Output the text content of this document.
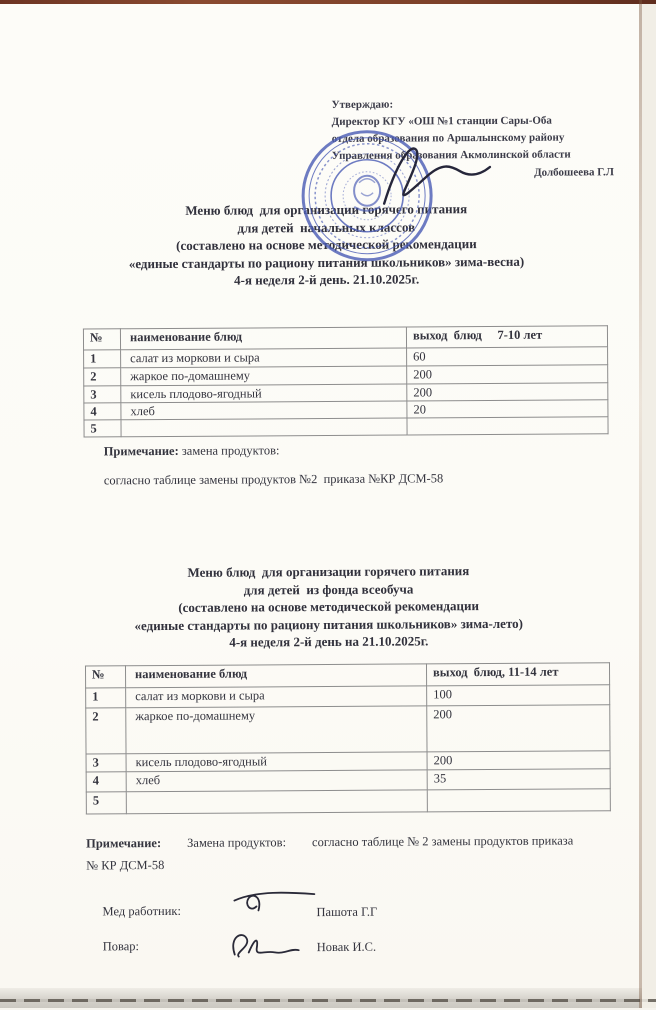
Утверждаю:
Директор КГУ «ОШ №1 станции Сары-Оба
отдела образования по Аршалынскому району
Управления образования Акмолинской области
Долбошеева Г.Л
Меню блюд  для организации горячего питания
для детей  начальных классов
(составлено на основе методической рекомендации
«единые стандарты по рациону питания школьников» зима-весна)
4-я неделя 2-й день. 21.10.2025г.
№	наименование блюд	выход  блюд     7-10 лет
1	салат из моркови и сыра	60
2	жаркое по-домашнему	200
3	кисель плодово-ягодный	200
4	хлеб	20
5		
Примечание: замена продуктов:
согласно таблице замены продуктов №2  приказа №КР ДСМ-58
Меню блюд  для организации горячего питания
для детей  из фонда всеобуча
(составлено на основе методической рекомендации
«единые стандарты по рациону питания школьников» зима-лето)
4-я неделя 2-й день на 21.10.2025г.
№	наименование блюд	выход  блюд, 11-14 лет
1	салат из моркови и сыра	100
2	жаркое по-домашнему	200
3	кисель плодово-ягодный	200
4	хлеб	35
5		
Примечание: Замена продуктов: согласно таблице № 2 замены продуктов приказа
№ КР ДСМ-58
Мед работник:	Пашота Г.Г
Повар:	Новак И.С.
